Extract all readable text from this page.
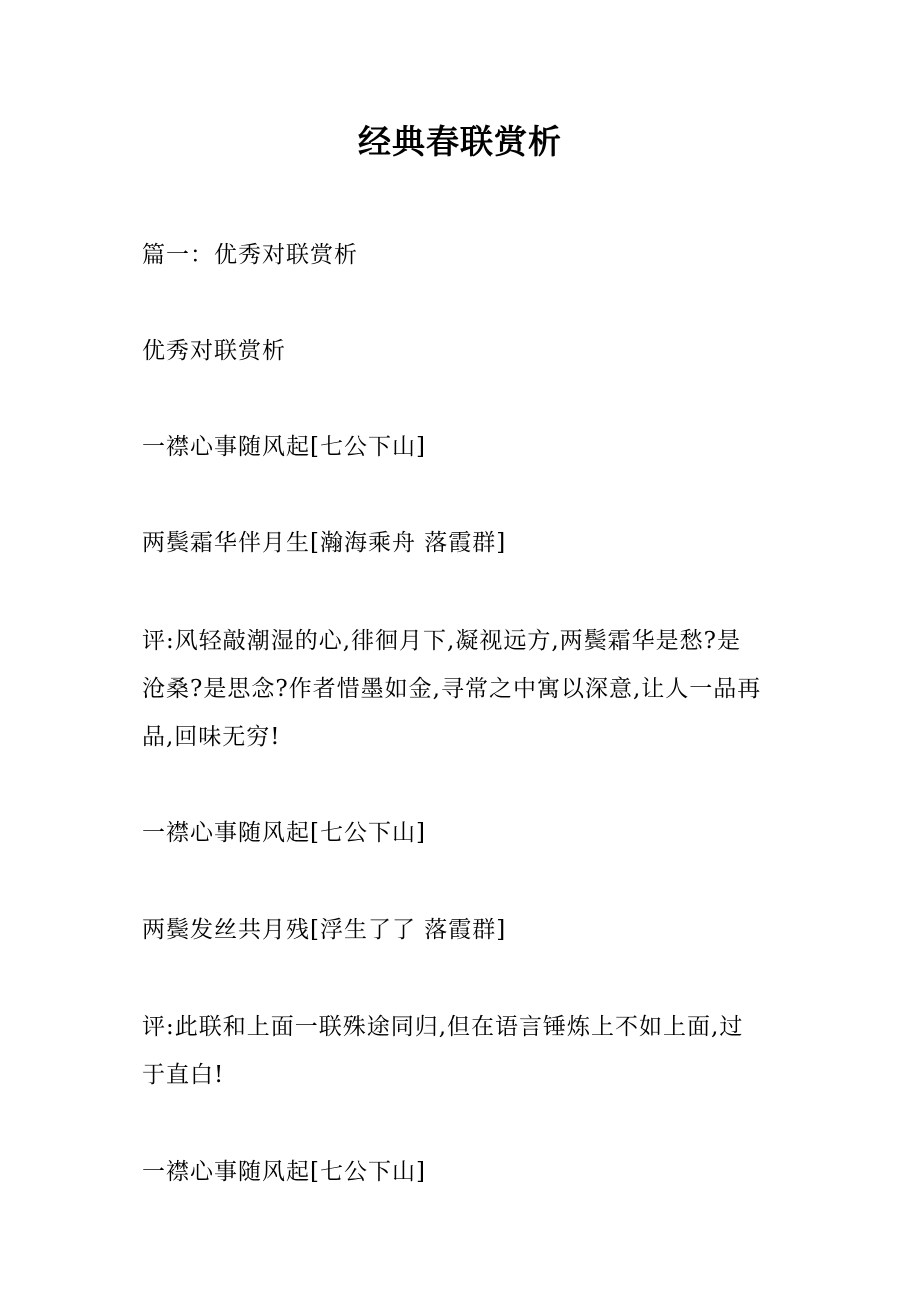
经典春联赏析
篇一：优秀对联赏析
优秀对联赏析
一襟心事随风起[七公下山]
两鬓霜华伴月生[瀚海乘舟 落霞群]
评:风轻敲潮湿的心,徘徊月下,凝视远方,两鬓霜华是愁?是
沧桑?是思念?作者惜墨如金,寻常之中寓以深意,让人一品再
品,回味无穷!
一襟心事随风起[七公下山]
两鬓发丝共月残[浮生了了 落霞群]
评:此联和上面一联殊途同归,但在语言锤炼上不如上面,过
于直白!
一襟心事随风起[七公下山]
